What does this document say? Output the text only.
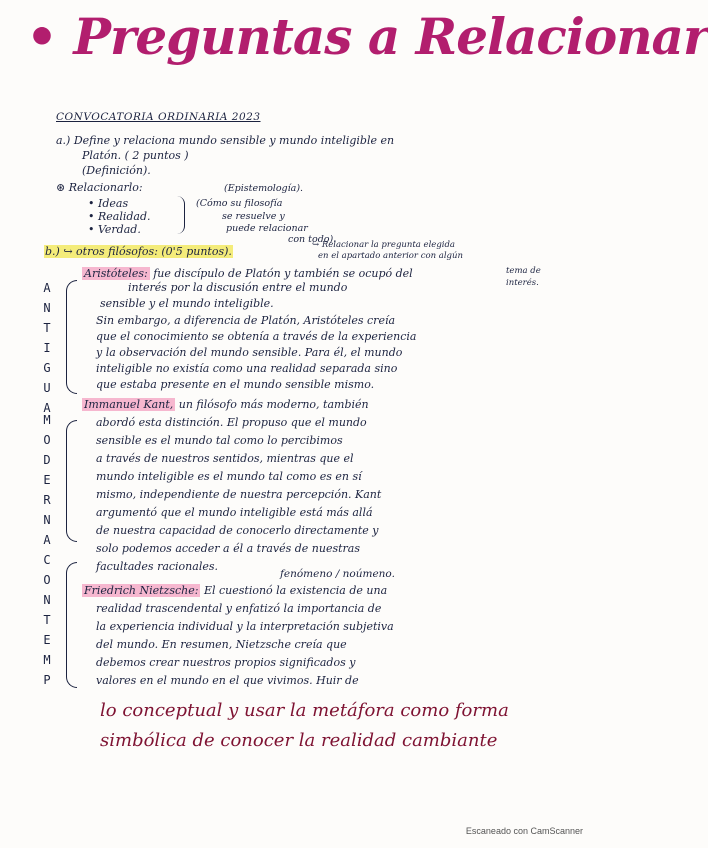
• Preguntas a Relacionar
CONVOCATORIA ORDINARIA 2023
a.) Define y relaciona mundo sensible y mundo inteligible en
Platón. ( 2 puntos )
(Definición).
⊛ Relacionarlo:
• Ideas
• Realidad.
• Verdad.
(Epistemología).
(Cómo su filosofía
se resuelve y
puede relacionar
con todo).
b.) ↪ otros filósofos: (0'5 puntos).	↪ Relacionar la pregunta elegida
en el apartado anterior con algún
tema de
interés.
A
N
T
I
G
U
A
M
O
D
E
R
N
A
C
O
N
T
E
M
P
Aristóteles: fue discípulo de Platón y también se ocupó del
interés por la discusión entre el mundo
sensible y el mundo inteligible.
Sin embargo, a diferencia de Platón, Aristóteles creía
que el conocimiento se obtenía a través de la experiencia
y la observación del mundo sensible. Para él, el mundo
inteligible no existía como una realidad separada sino
que estaba presente en el mundo sensible mismo.
Immanuel Kant, un filósofo más moderno, también
abordó esta distinción. El propuso que el mundo
sensible es el mundo tal como lo percibimos
a través de nuestros sentidos, mientras que el
mundo inteligible es el mundo tal como es en sí
mismo, independiente de nuestra percepción. Kant
argumentó que el mundo inteligible está más allá
de nuestra capacidad de conocerlo directamente y
solo podemos acceder a él a través de nuestras
facultades racionales.
fenómeno / noúmeno.
Friedrich Nietzsche: El cuestionó la existencia de una
realidad trascendental y enfatizó la importancia de
la experiencia individual y la interpretación subjetiva
del mundo. En resumen, Nietzsche creía que
debemos crear nuestros propios significados y
valores en el mundo en el que vivimos. Huir de
lo conceptual y usar la metáfora como forma
simbólica de conocer la realidad cambiante
Escaneado con CamScanner
